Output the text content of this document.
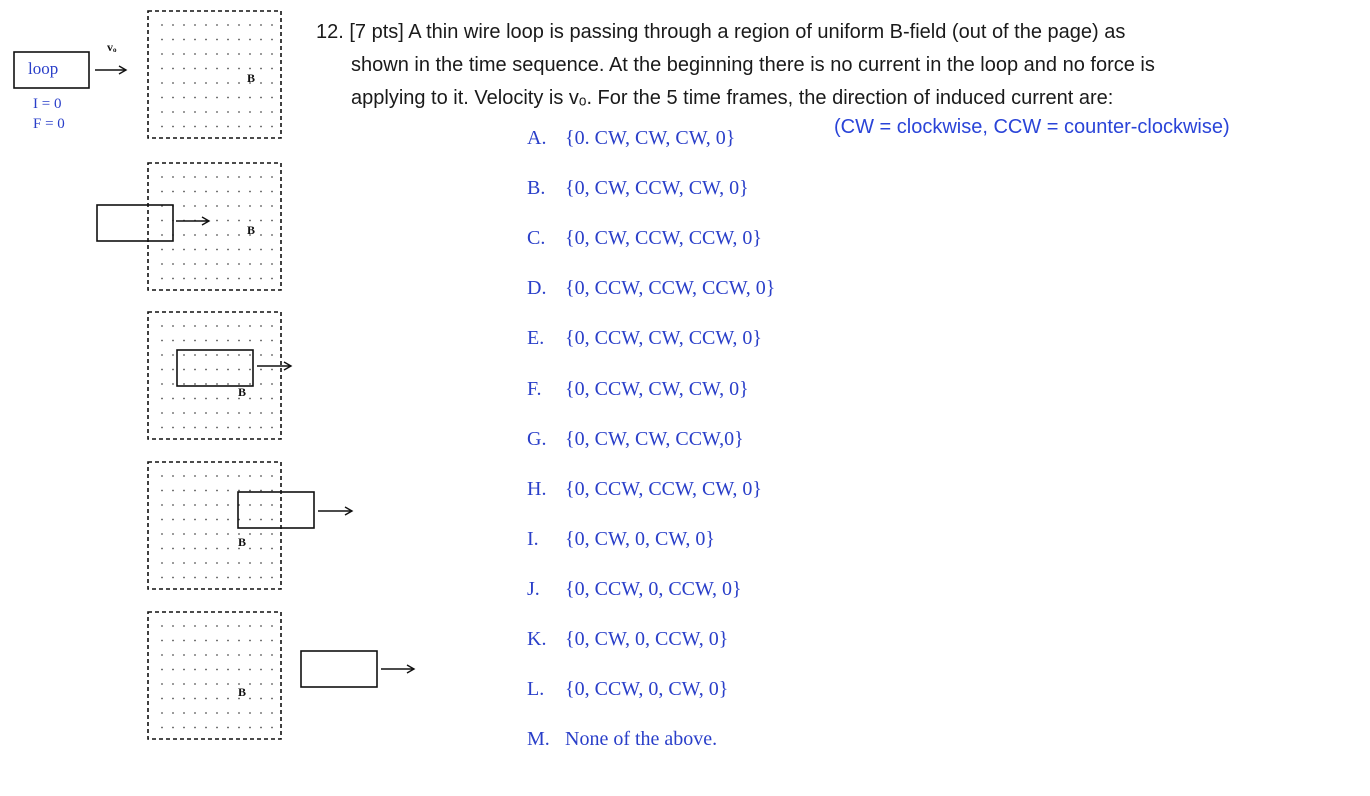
loop
vₒ
I = 0
F = 0
B
B
B
B
B
12. [7 pts] A thin wire loop is passing through a region of uniform B-field (out of the page) as
shown in the time sequence. At the beginning there is no current in the loop and no force is
applying to it. Velocity is vₒ. For the 5 time frames, the direction of induced current are:
(CW = clockwise, CCW = counter-clockwise)
A. {0. CW, CW, CW, 0}
B. {0, CW, CCW, CW, 0}
C. {0, CW, CCW, CCW, 0}
D. {0, CCW, CCW, CCW, 0}
E. {0, CCW, CW, CCW, 0}
F. {0, CCW, CW, CW, 0}
G. {0, CW, CW, CCW,0}
H. {0, CCW, CCW, CW, 0}
I. {0, CW, 0, CW, 0}
J. {0, CCW, 0, CCW, 0}
K. {0, CW, 0, CCW, 0}
L. {0, CCW, 0, CW, 0}
M. None of the above.
